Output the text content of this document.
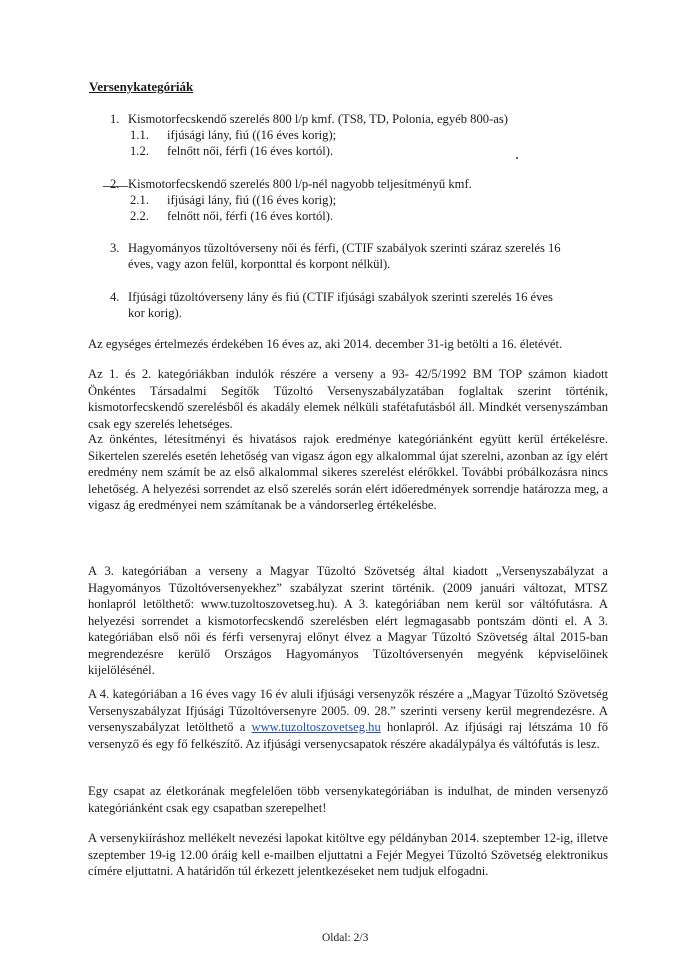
Versenykategóriák
1. Kismotorfecskendő szerelés 800 l/p kmf. (TS8, TD, Polonia, egyéb 800-as)
1.1. ifjúsági lány, fiú ((16 éves korig);
1.2. felnőtt női, férfi (16 éves kortól).
2. Kismotorfecskendő szerelés 800 l/p-nél nagyobb teljesítményű kmf.
2.1. ifjúsági lány, fiú ((16 éves korig);
2.2. felnőtt női, férfi (16 éves kortól).
3. Hagyományos tűzoltóverseny női és férfi, (CTIF szabályok szerinti száraz szerelés 16
éves, vagy azon felül, korponttal és korpont nélkül).
4. Ifjúsági tűzoltóverseny lány és fiú (CTIF ifjúsági szabályok szerinti szerelés 16 éves
kor korig).

Az egységes értelmezés érdekében 16 éves az, aki 2014. december 31-ig betölti a 16. életévét.

Az 1. és 2. kategóriákban indulók részére a verseny a 93- 42/5/1992 BM TOP számon kiadott Önkéntes Társadalmi Segítők Tűzoltó Versenyszabályzatában foglaltak szerint történik, kismotorfecskendő szerelésből és akadály elemek nélküli stafétafutásból áll. Mindkét versenyszámban csak egy szerelés lehetséges.

Az önkéntes, létesítményi és hivatásos rajok eredménye kategóriánként együtt kerül értékelésre. Sikertelen szerelés esetén lehetőség van vigasz ágon egy alkalommal újat szerelni, azonban az így elért eredmény nem számít be az első alkalommal sikeres szerelést elérőkkel. További próbálkozásra nincs lehetőség. A helyezési sorrendet az első szerelés során elért időeredmények sorrendje határozza meg, a vigasz ág eredményei nem számítanak be a vándorserleg értékelésbe.

A 3. kategóriában a verseny a Magyar Tűzoltó Szövetség által kiadott „Versenyszabályzat a Hagyományos Tűzoltóversenyekhez” szabályzat szerint történik. (2009 januári változat, MTSZ honlapról letölthető: www.tuzoltoszovetseg.hu). A 3. kategóriában nem kerül sor váltófutásra. A helyezési sorrendet a kismotorfecskendő szerelésben elért legmagasabb pontszám dönti el. A 3. kategóriában első női és férfi versenyraj előnyt élvez a Magyar Tűzoltó Szövetség által 2015-ban megrendezésre kerülő Országos Hagyományos Tűzoltóversenyén megyénk képviselőinek kijelölésénél.

A 4. kategóriában a 16 éves vagy 16 év aluli ifjúsági versenyzők részére a „Magyar Tűzoltó Szövetség Versenyszabályzat Ifjúsági Tűzoltóversenyre 2005. 09. 28.” szerinti verseny kerül megrendezésre. A versenyszabályzat letölthető a www.tuzoltoszovetseg.hu honlapról. Az ifjúsági raj létszáma 10 fő versenyző és egy fő felkészítő. Az ifjúsági versenycsapatok részére akadálypálya és váltófutás is lesz.

Egy csapat az életkorának megfelelően több versenykategóriában is indulhat, de minden versenyző kategóriánként csak egy csapatban szerepelhet!

A versenykiíráshoz mellékelt nevezési lapokat kitöltve egy példányban 2014. szeptember 12-ig, illetve szeptember 19-ig 12.00 óráig kell e-mailben eljuttatni a Fejér Megyei Tűzoltó Szövetség elektronikus címére eljuttatni. A határidőn túl érkezett jelentkezéseket nem tudjuk elfogadni.

Oldal: 2/3
